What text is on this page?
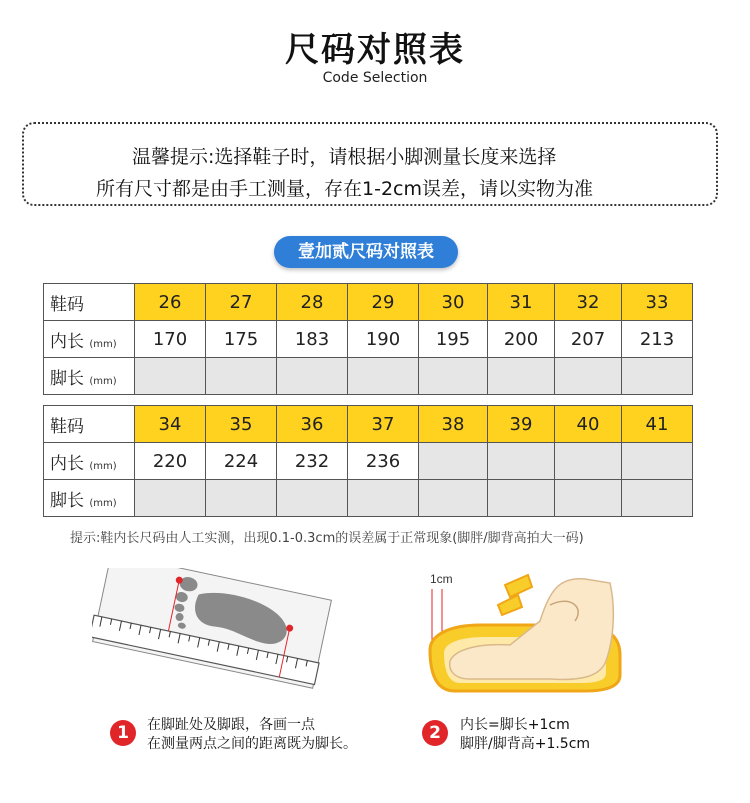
尺码对照表
Code Selection
温馨提示:选择鞋子时，请根据小脚测量长度来选择
所有尺寸都是由手工测量，存在1-2cm误差，请以实物为准
壹加贰尺码对照表
鞋码	26	27	28	29	30	31	32	33
内长 (mm)	170	175	183	190	195	200	207	213
脚长 (mm)								
鞋码	34	35	36	37	38	39	40	41
内长 (mm)	220	224	232	236				
脚长 (mm)								
提示:鞋内长尺码由人工实测，出现0.1-0.3cm的误差属于正常现象(脚胖/脚背高拍大一码)
1cm
1	在脚趾处及脚跟，各画一点
在测量两点之间的距离既为脚长。
2	内长=脚长+1cm
脚胖/脚背高+1.5cm
